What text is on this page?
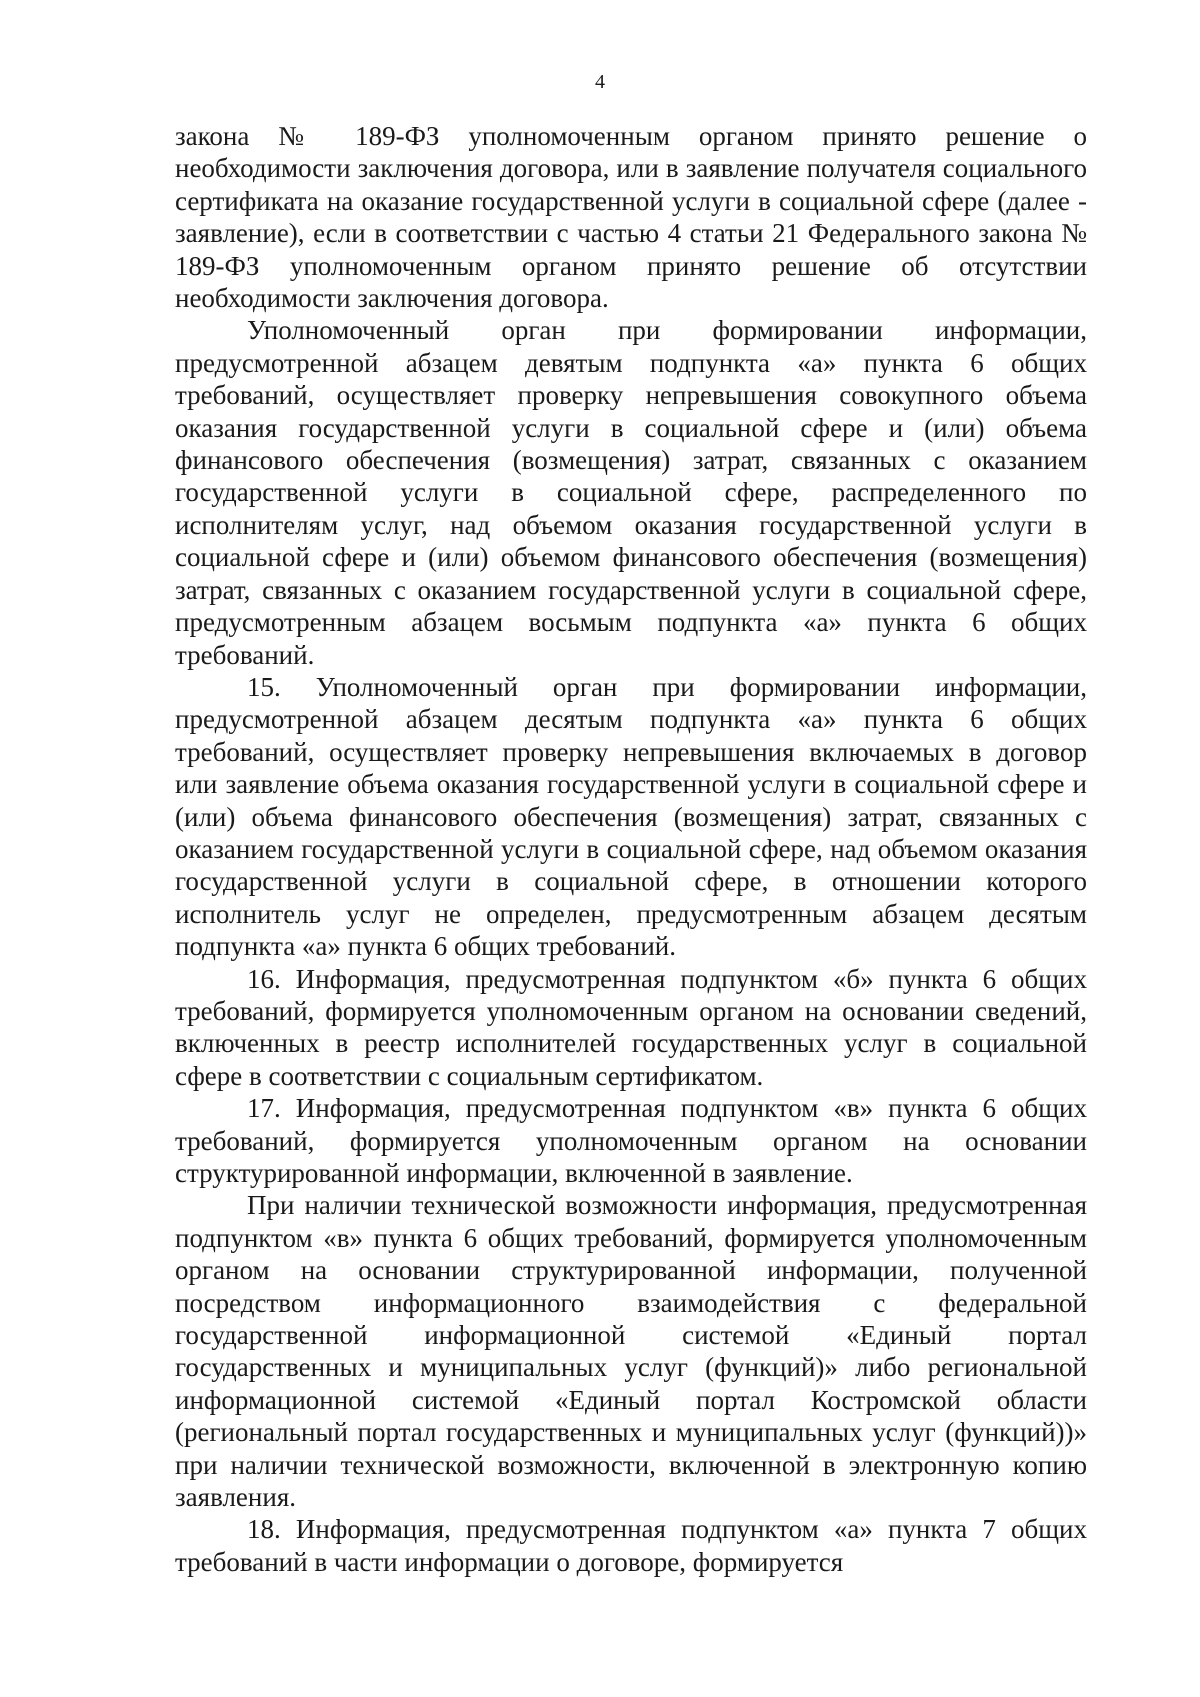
4

закона № 189-ФЗ уполномоченным органом принято решение о необходимости заключения договора, или в заявление получателя социального сертификата на оказание государственной услуги в социальной сфере (далее - заявление), если в соответствии с частью 4 статьи 21 Федерального закона № 189-ФЗ уполномоченным органом принято решение об отсутствии необходимости заключения договора.

Уполномоченный орган при формировании информации, предусмотренной абзацем девятым подпункта «а» пункта 6 общих требований, осуществляет проверку непревышения совокупного объема оказания государственной услуги в социальной сфере и (или) объема финансового обеспечения (возмещения) затрат, связанных с оказанием государственной услуги в социальной сфере, распределенного по исполнителям услуг, над объемом оказания государственной услуги в социальной сфере и (или) объемом финансового обеспечения (возмещения) затрат, связанных с оказанием государственной услуги в социальной сфере, предусмотренным абзацем восьмым подпункта «а» пункта 6 общих требований.

15. Уполномоченный орган при формировании информации, предусмотренной абзацем десятым подпункта «а» пункта 6 общих требований, осуществляет проверку непревышения включаемых в договор или заявление объема оказания государственной услуги в социальной сфере и (или) объема финансового обеспечения (возмещения) затрат, связанных с оказанием государственной услуги в социальной сфере, над объемом оказания государственной услуги в социальной сфере, в отношении которого исполнитель услуг не определен, предусмотренным абзацем десятым подпункта «а» пункта 6 общих требований.

16. Информация, предусмотренная подпунктом «б» пункта 6 общих требований, формируется уполномоченным органом на основании сведений, включенных в реестр исполнителей государственных услуг в социальной сфере в соответствии с социальным сертификатом.

17. Информация, предусмотренная подпунктом «в» пункта 6 общих требований, формируется уполномоченным органом на основании структурированной информации, включенной в заявление.

При наличии технической возможности информация, предусмотренная подпунктом «в» пункта 6 общих требований, формируется уполномоченным органом на основании структурированной информации, полученной посредством информационного взаимодействия с федеральной государственной информационной системой «Единый портал государственных и муниципальных услуг (функций)» либо региональной информационной системой «Единый портал Костромской области (региональный портал государственных и муниципальных услуг (функций))» при наличии технической возможности, включенной в электронную копию заявления.

18. Информация, предусмотренная подпунктом «а» пункта 7 общих требований в части информации о договоре, формируется
